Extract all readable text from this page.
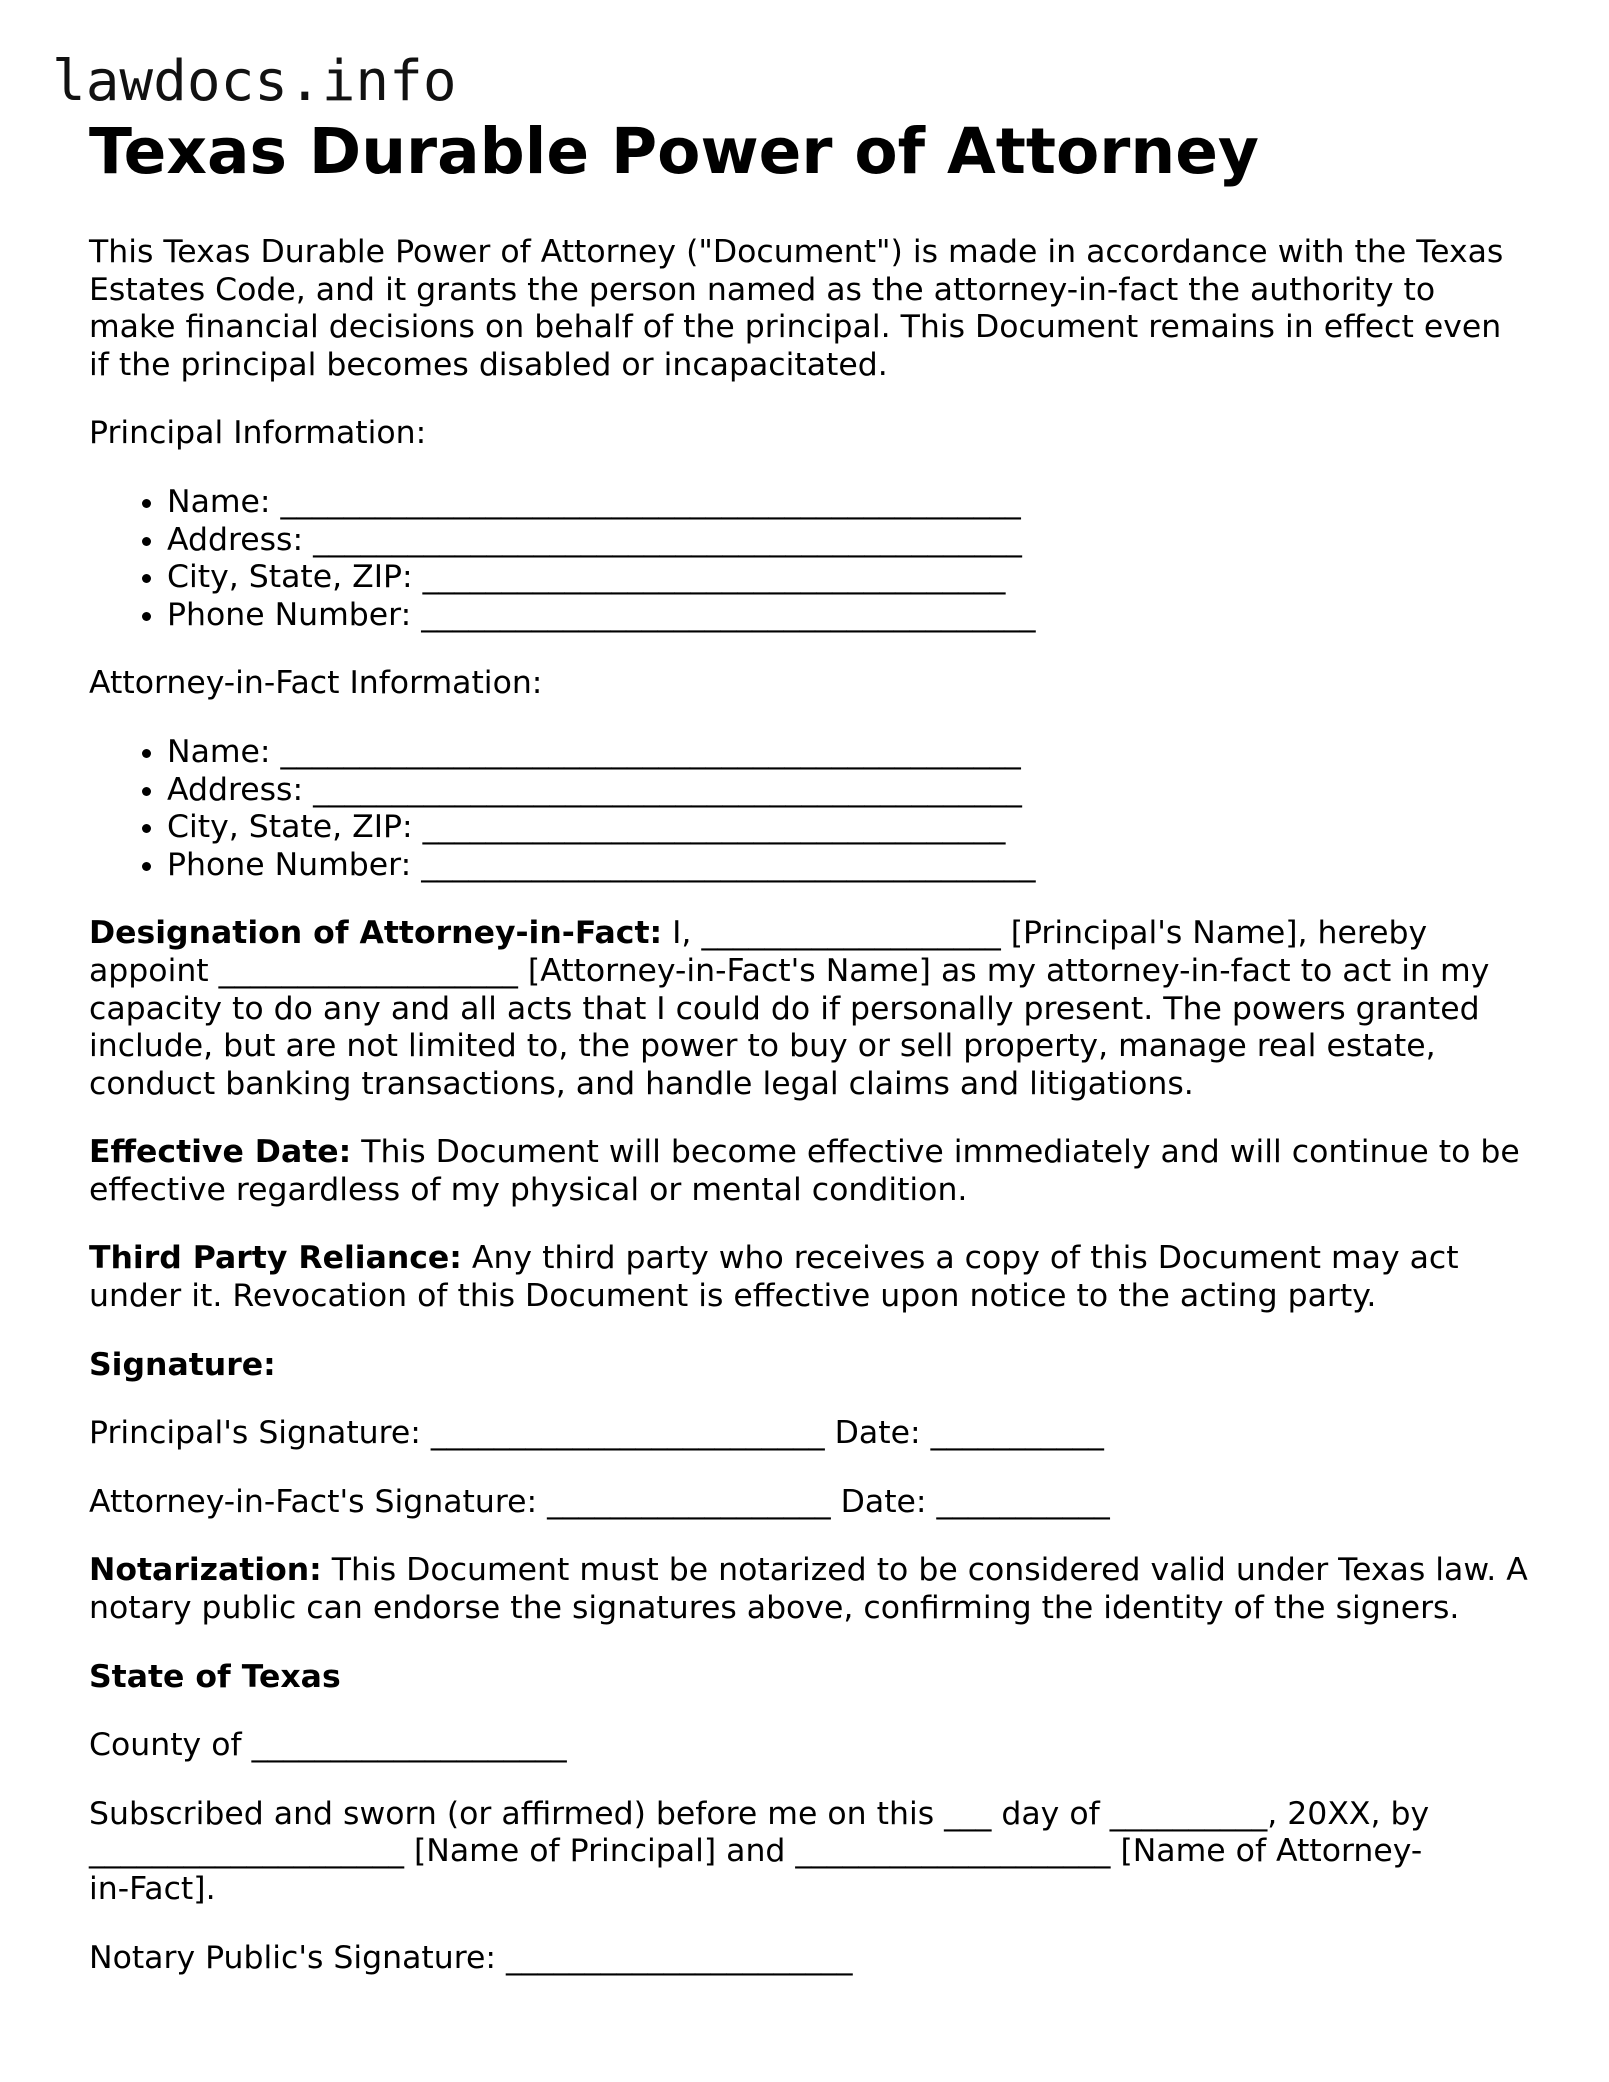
lawdocs.info
Texas Durable Power of Attorney

This Texas Durable Power of Attorney ("Document") is made in accordance with the Texas
Estates Code, and it grants the person named as the attorney-in-fact the authority to
make financial decisions on behalf of the principal. This Document remains in effect even
if the principal becomes disabled or incapacitated.

Principal Information:

• Name: _______________________________________________
• Address: _____________________________________________
• City, State, ZIP: _____________________________________
• Phone Number: _______________________________________

Attorney-in-Fact Information:

• Name: _______________________________________________
• Address: _____________________________________________
• City, State, ZIP: _____________________________________
• Phone Number: _______________________________________

Designation of Attorney-in-Fact: I, ___________________ [Principal's Name], hereby
appoint ___________________ [Attorney-in-Fact's Name] as my attorney-in-fact to act in my
capacity to do any and all acts that I could do if personally present. The powers granted
include, but are not limited to, the power to buy or sell property, manage real estate,
conduct banking transactions, and handle legal claims and litigations.

Effective Date: This Document will become effective immediately and will continue to be
effective regardless of my physical or mental condition.

Third Party Reliance: Any third party who receives a copy of this Document may act
under it. Revocation of this Document is effective upon notice to the acting party.

Signature:

Principal's Signature: _________________________ Date: ___________

Attorney-in-Fact's Signature: __________________ Date: ___________

Notarization: This Document must be notarized to be considered valid under Texas law. A
notary public can endorse the signatures above, confirming the identity of the signers.

State of Texas

County of ____________________

Subscribed and sworn (or affirmed) before me on this ___ day of __________, 20XX, by
____________________ [Name of Principal] and ____________________ [Name of Attorney-
in-Fact].

Notary Public's Signature: ______________________
